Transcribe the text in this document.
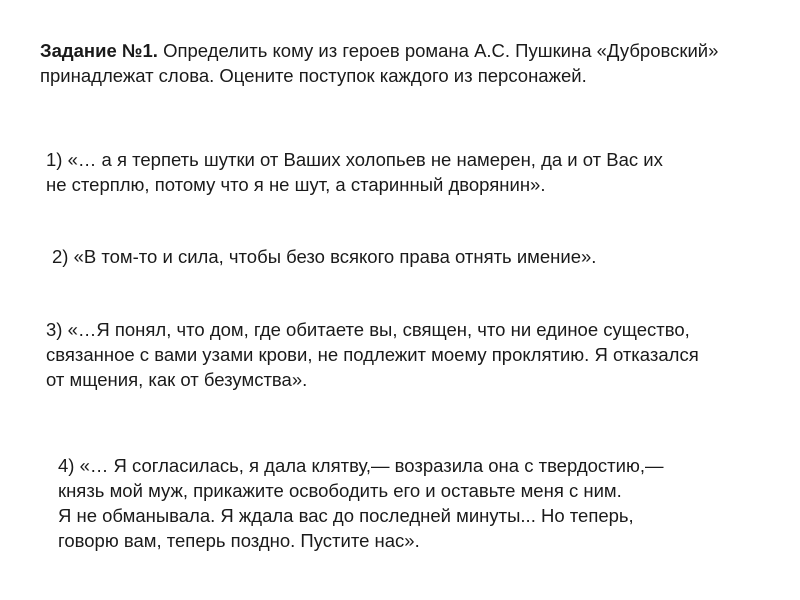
Задание №1. Определить кому из героев романа А.С. Пушкина «Дубровский»
принадлежат слова. Оцените поступок каждого из персонажей.
1) «… а я терпеть шутки от Ваших холопьев не намерен, да и от Вас их
не стерплю, потому что я не шут, а старинный дворянин».
2) «В том-то и сила, чтобы безо всякого права отнять имение».
3) «…Я понял, что дом, где обитаете вы, священ, что ни единое существо,
связанное с вами узами крови, не подлежит моему проклятию. Я отказался
от мщения, как от безумства».
4) «… Я согласилась, я дала клятву,— возразила она с твердостию,—
князь мой муж, прикажите освободить его и оставьте меня с ним.
Я не обманывала. Я ждала вас до последней минуты... Но теперь,
говорю вам, теперь поздно. Пустите нас».
